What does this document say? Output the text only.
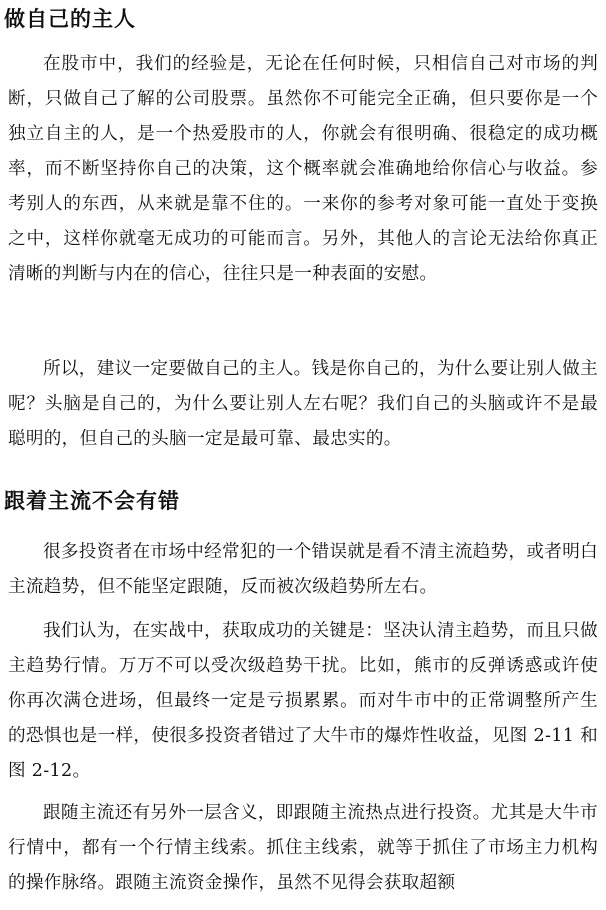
做自己的主人

在股市中，我们的经验是，无论在任何时候，只相信自己对市场的判断，只做自己了解的公司股票。虽然你不可能完全正确，但只要你是一个独立自主的人，是一个热爱股市的人，你就会有很明确、很稳定的成功概率，而不断坚持你自己的决策，这个概率就会准确地给你信心与收益。参考别人的东西，从来就是靠不住的。一来你的参考对象可能一直处于变换之中，这样你就毫无成功的可能而言。另外，其他人的言论无法给你真正清晰的判断与内在的信心，往往只是一种表面的安慰。

所以，建议一定要做自己的主人。钱是你自己的，为什么要让别人做主呢？头脑是自己的，为什么要让别人左右呢？我们自己的头脑或许不是最聪明的，但自己的头脑一定是最可靠、最忠实的。

跟着主流不会有错

很多投资者在市场中经常犯的一个错误就是看不清主流趋势，或者明白主流趋势，但不能坚定跟随，反而被次级趋势所左右。

我们认为，在实战中，获取成功的关键是：坚决认清主趋势，而且只做主趋势行情。万万不可以受次级趋势干扰。比如，熊市的反弹诱惑或许使你再次满仓进场，但最终一定是亏损累累。而对牛市中的正常调整所产生的恐惧也是一样，使很多投资者错过了大牛市的爆炸性收益，见图 2-11 和图 2-12。

跟随主流还有另外一层含义，即跟随主流热点进行投资。尤其是大牛市行情中，都有一个行情主线索。抓住主线索，就等于抓住了市场主力机构的操作脉络。跟随主流资金操作，虽然不见得会获取超额
